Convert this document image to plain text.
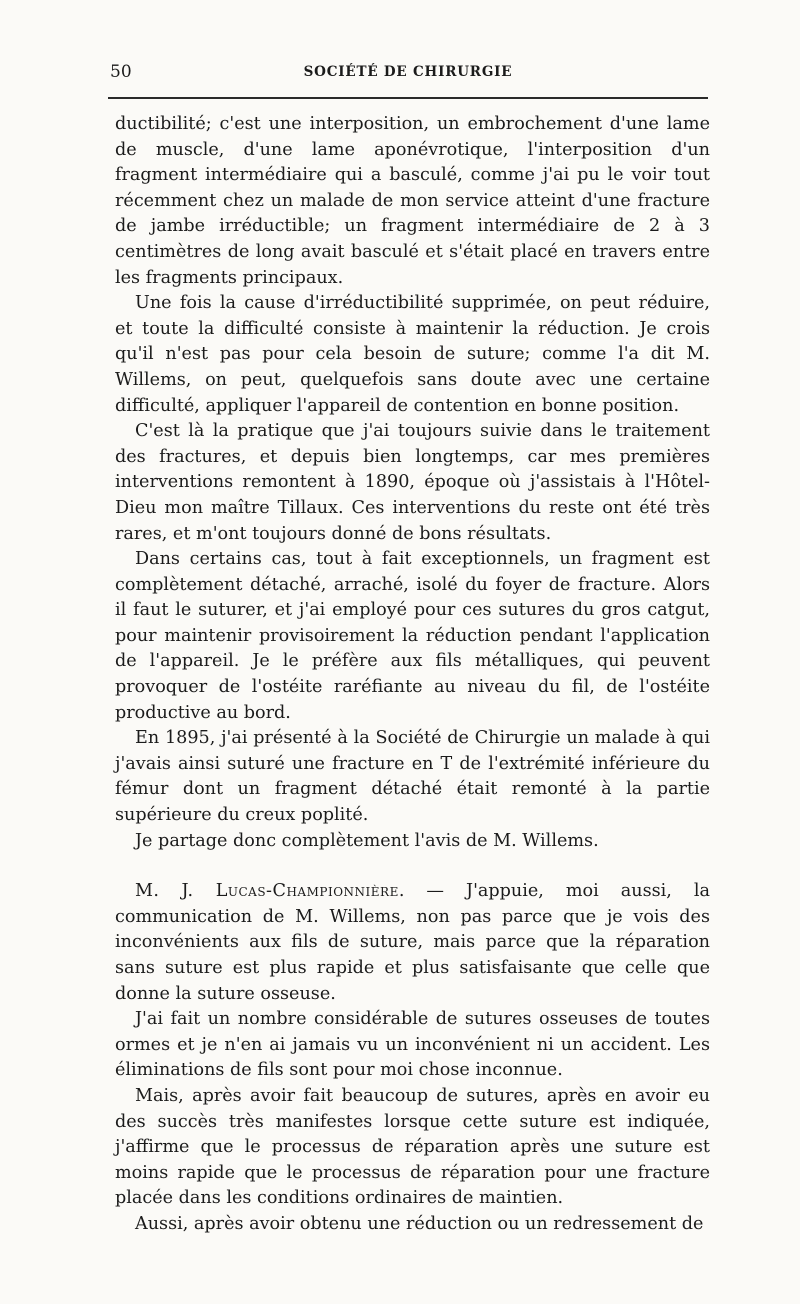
50	SOCIÉTÉ DE CHIRURGIE

ductibilité; c'est une interposition, un embrochement d'une lame de muscle, d'une lame aponévrotique, l'interposition d'un fragment intermédiaire qui a basculé, comme j'ai pu le voir tout récemment chez un malade de mon service atteint d'une fracture de jambe irréductible; un fragment intermédiaire de 2 à 3 centimètres de long avait basculé et s'était placé en travers entre les fragments principaux.

Une fois la cause d'irréductibilité supprimée, on peut réduire, et toute la difficulté consiste à maintenir la réduction. Je crois qu'il n'est pas pour cela besoin de suture; comme l'a dit M. Willems, on peut, quelquefois sans doute avec une certaine difficulté, appliquer l'appareil de contention en bonne position.

C'est là la pratique que j'ai toujours suivie dans le traitement des fractures, et depuis bien longtemps, car mes premières interventions remontent à 1890, époque où j'assistais à l'Hôtel-Dieu mon maître Tillaux. Ces interventions du reste ont été très rares, et m'ont toujours donné de bons résultats.

Dans certains cas, tout à fait exceptionnels, un fragment est complètement détaché, arraché, isolé du foyer de fracture. Alors il faut le suturer, et j'ai employé pour ces sutures du gros catgut, pour maintenir provisoirement la réduction pendant l'application de l'appareil. Je le préfère aux fils métalliques, qui peuvent provoquer de l'ostéite raréfiante au niveau du fil, de l'ostéite productive au bord.

En 1895, j'ai présenté à la Société de Chirurgie un malade à qui j'avais ainsi suturé une fracture en T de l'extrémité inférieure du fémur dont un fragment détaché était remonté à la partie supérieure du creux poplité.

Je partage donc complètement l'avis de M. Willems.

M. J. Lucas-Championnière. — J'appuie, moi aussi, la communication de M. Willems, non pas parce que je vois des inconvénients aux fils de suture, mais parce que la réparation sans suture est plus rapide et plus satisfaisante que celle que donne la suture osseuse.

J'ai fait un nombre considérable de sutures osseuses de toutes ormes et je n'en ai jamais vu un inconvénient ni un accident. Les éliminations de fils sont pour moi chose inconnue.

Mais, après avoir fait beaucoup de sutures, après en avoir eu des succès très manifestes lorsque cette suture est indiquée, j'affirme que le processus de réparation après une suture est moins rapide que le processus de réparation pour une fracture placée dans les conditions ordinaires de maintien.

Aussi, après avoir obtenu une réduction ou un redressement de
